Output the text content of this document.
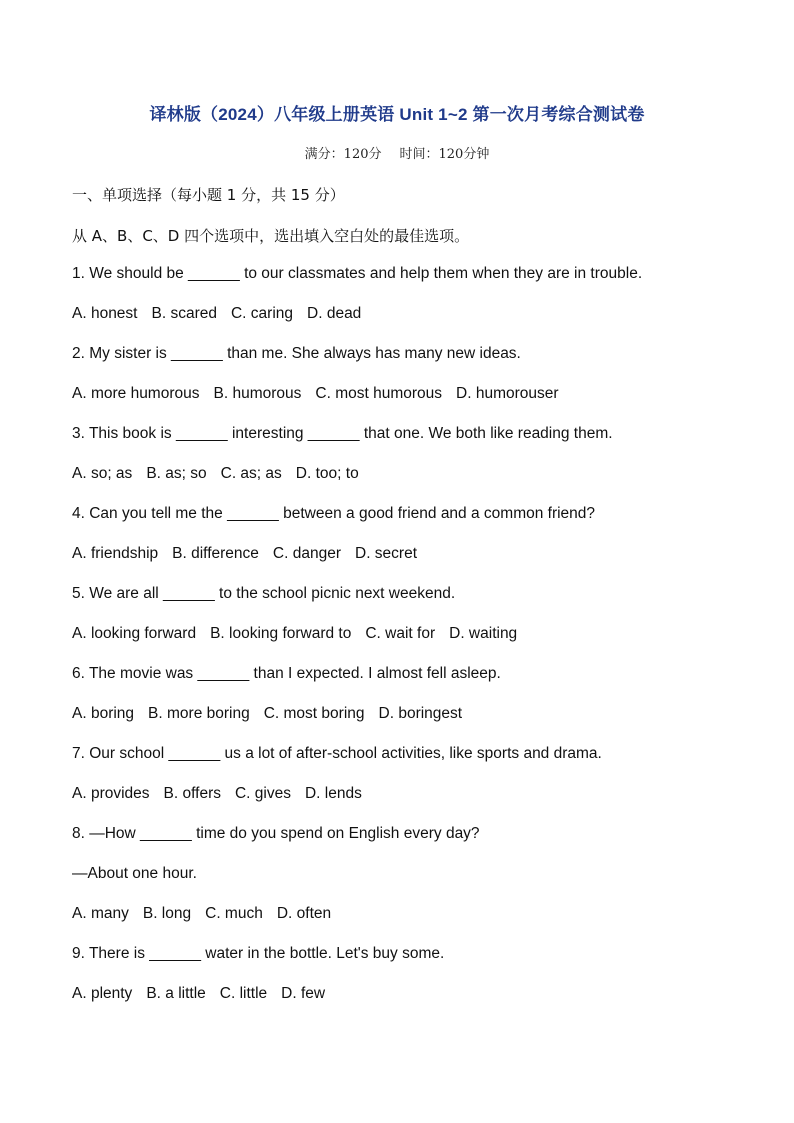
译林版（2024）八年级上册英语 Unit 1~2 第一次月考综合测试卷
满分：120分 时间：120分钟
一、单项选择（每小题 1 分，共 15 分）
从 A、B、C、D 四个选项中，选出填入空白处的最佳选项。
1. We should be ______ to our classmates and help them when they are in trouble.
A. honest B. scared C. caring D. dead
2. My sister is ______ than me. She always has many new ideas.
A. more humorous B. humorous C. most humorous D. humorouser
3. This book is ______ interesting ______ that one. We both like reading them.
A. so; as B. as; so C. as; as D. too; to
4. Can you tell me the ______ between a good friend and a common friend?
A. friendship B. difference C. danger D. secret
5. We are all ______ to the school picnic next weekend.
A. looking forward B. looking forward to C. wait for D. waiting
6. The movie was ______ than I expected. I almost fell asleep.
A. boring B. more boring C. most boring D. boringest
7. Our school ______ us a lot of after-school activities, like sports and drama.
A. provides B. offers C. gives D. lends
8. —How ______ time do you spend on English every day?
—About one hour.
A. many B. long C. much D. often
9. There is ______ water in the bottle. Let's buy some.
A. plenty B. a little C. little D. few
